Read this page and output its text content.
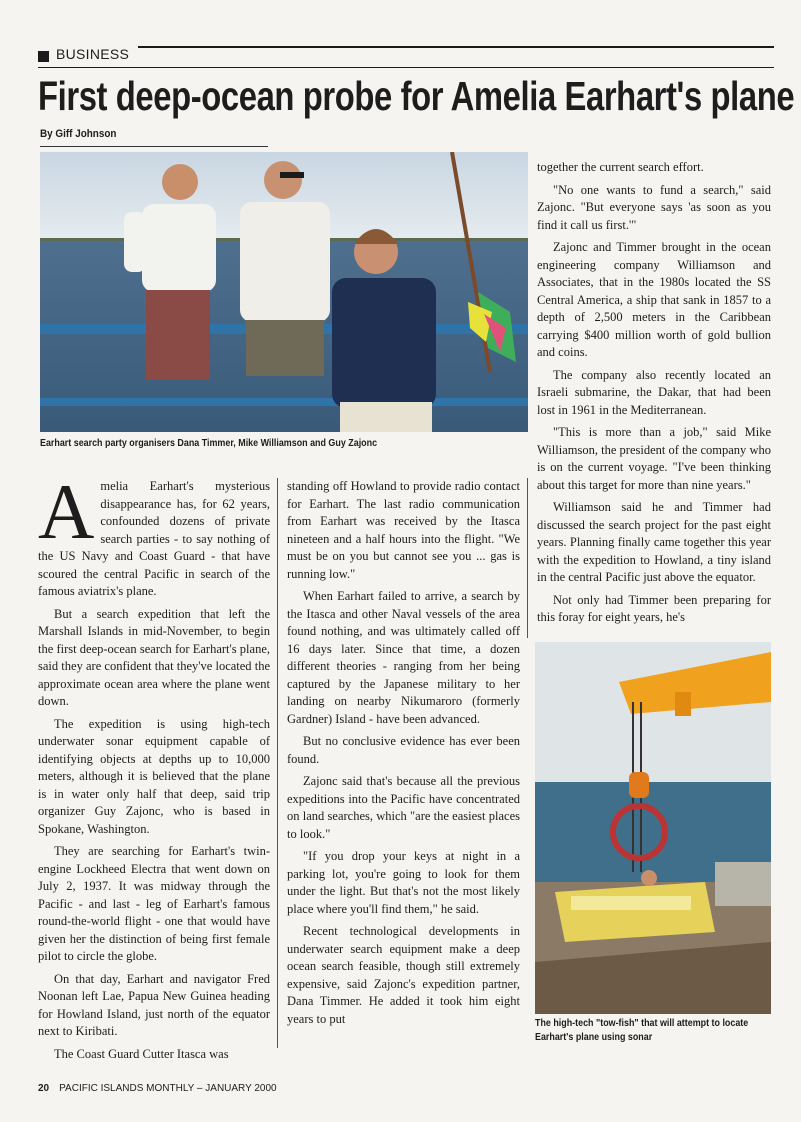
BUSINESS
First deep-ocean probe for Amelia Earhart's plane
By Giff Johnson
Earhart search party organisers Dana Timmer, Mike Williamson and Guy Zajonc

Amelia Earhart's mysterious disappearance has, for 62 years, confounded dozens of private search parties - to say nothing of the US Navy and Coast Guard - that have scoured the central Pacific in search of the famous aviatrix's plane.

But a search expedition that left the Marshall Islands in mid-November, to begin the first deep-ocean search for Earhart's plane, said they are confident that they've located the approximate ocean area where the plane went down.

The expedition is using high-tech underwater sonar equipment capable of identifying objects at depths up to 10,000 meters, although it is believed that the plane is in water only half that deep, said trip organizer Guy Zajonc, who is based in Spokane, Washington.

They are searching for Earhart's twin-engine Lockheed Electra that went down on July 2, 1937. It was midway through the Pacific - and last - leg of Earhart's famous round-the-world flight - one that would have given her the distinction of being first female pilot to circle the globe.

On that day, Earhart and navigator Fred Noonan left Lae, Papua New Guinea heading for Howland Island, just north of the equator next to Kiribati.

The Coast Guard Cutter Itasca was

standing off Howland to provide radio contact for Earhart. The last radio communication from Earhart was received by the Itasca nineteen and a half hours into the flight. "We must be on you but cannot see you ... gas is running low."

When Earhart failed to arrive, a search by the Itasca and other Naval vessels of the area found nothing, and was ultimately called off 16 days later. Since that time, a dozen different theories - ranging from her being captured by the Japanese military to her landing on nearby Nikumaroro (formerly Gardner) Island - have been advanced.

But no conclusive evidence has ever been found.

Zajonc said that's because all the previous expeditions into the Pacific have concentrated on land searches, which "are the easiest places to look."

"If you drop your keys at night in a parking lot, you're going to look for them under the light. But that's not the most likely place where you'll find them," he said.

Recent technological developments in underwater search equipment make a deep ocean search feasible, though still extremely expensive, said Zajonc's expedition partner, Dana Timmer. He added it took him eight years to put

together the current search effort.

"No one wants to fund a search," said Zajonc. "But everyone says 'as soon as you find it call us first.'"

Zajonc and Timmer brought in the ocean engineering company Williamson and Associates, that in the 1980s located the SS Central America, a ship that sank in 1857 to a depth of 2,500 meters in the Caribbean carrying $400 million worth of gold bullion and coins.

The company also recently located an Israeli submarine, the Dakar, that had been lost in 1961 in the Mediterranean.

"This is more than a job," said Mike Williamson, the president of the company who is on the current voyage. "I've been thinking about this target for more than nine years."

Williamson said he and Timmer had discussed the search project for the past eight years. Planning finally came together this year with the expedition to Howland, a tiny island in the central Pacific just above the equator.

Not only had Timmer been preparing for this foray for eight years, he's

The high-tech "tow-fish" that will attempt to locate Earhart's plane using sonar
20 PACIFIC ISLANDS MONTHLY – JANUARY 2000
